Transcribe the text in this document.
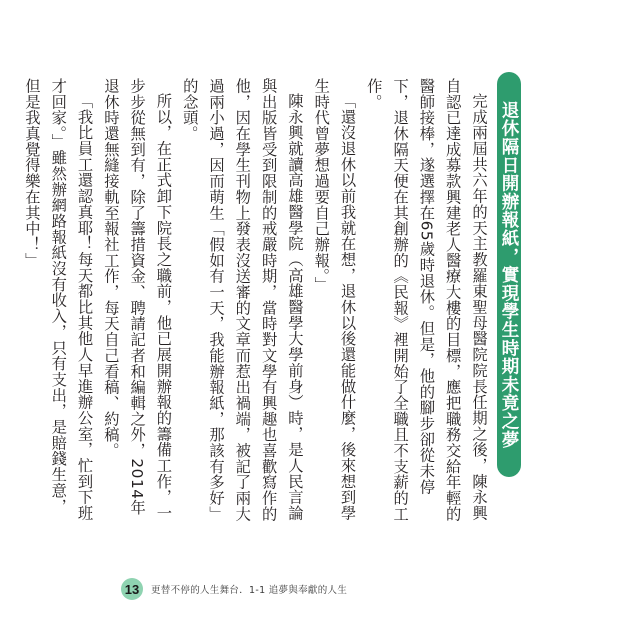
退休隔日開辦報紙，實現學生時期未竟之夢
完成兩屆共六年的天主教羅東聖母醫院院長任期之後，陳永興自認已達成募款興建老人醫療大樓的目標，應把職務交給年輕的醫師接棒，遂選擇在65歲時退休。但是，他的腳步卻從未停下，退休隔天便在其創辦的《民報》裡開始了全職且不支薪的工作。
「還沒退休以前我就在想，退休以後還能做什麼，後來想到學生時代曾夢想過要自己辦報。」
陳永興就讀高雄醫學院（高雄醫學大學前身）時，是人民言論與出版皆受到限制的戒嚴時期，當時對文學有興趣也喜歡寫作的他，因在學生刊物上發表沒送審的文章而惹出禍端，被記了兩大過兩小過，因而萌生「假如有一天，我能辦報紙，那該有多好」的念頭。
所以，在正式卸下院長之職前，他已展開辦報的籌備工作，一步步從無到有，除了籌措資金、聘請記者和編輯之外，2014年退休時還無縫接軌至報社工作，每天自己看稿、約稿。
「我比員工還認真耶！每天都比其他人早進辦公室，忙到下班才回家。」雖然辦網路報紙沒有收入，只有支出，是賠錢生意，但是我真覺得樂在其中！」
13 更替不停的人生舞台．1-1 追夢與奉獻的人生
